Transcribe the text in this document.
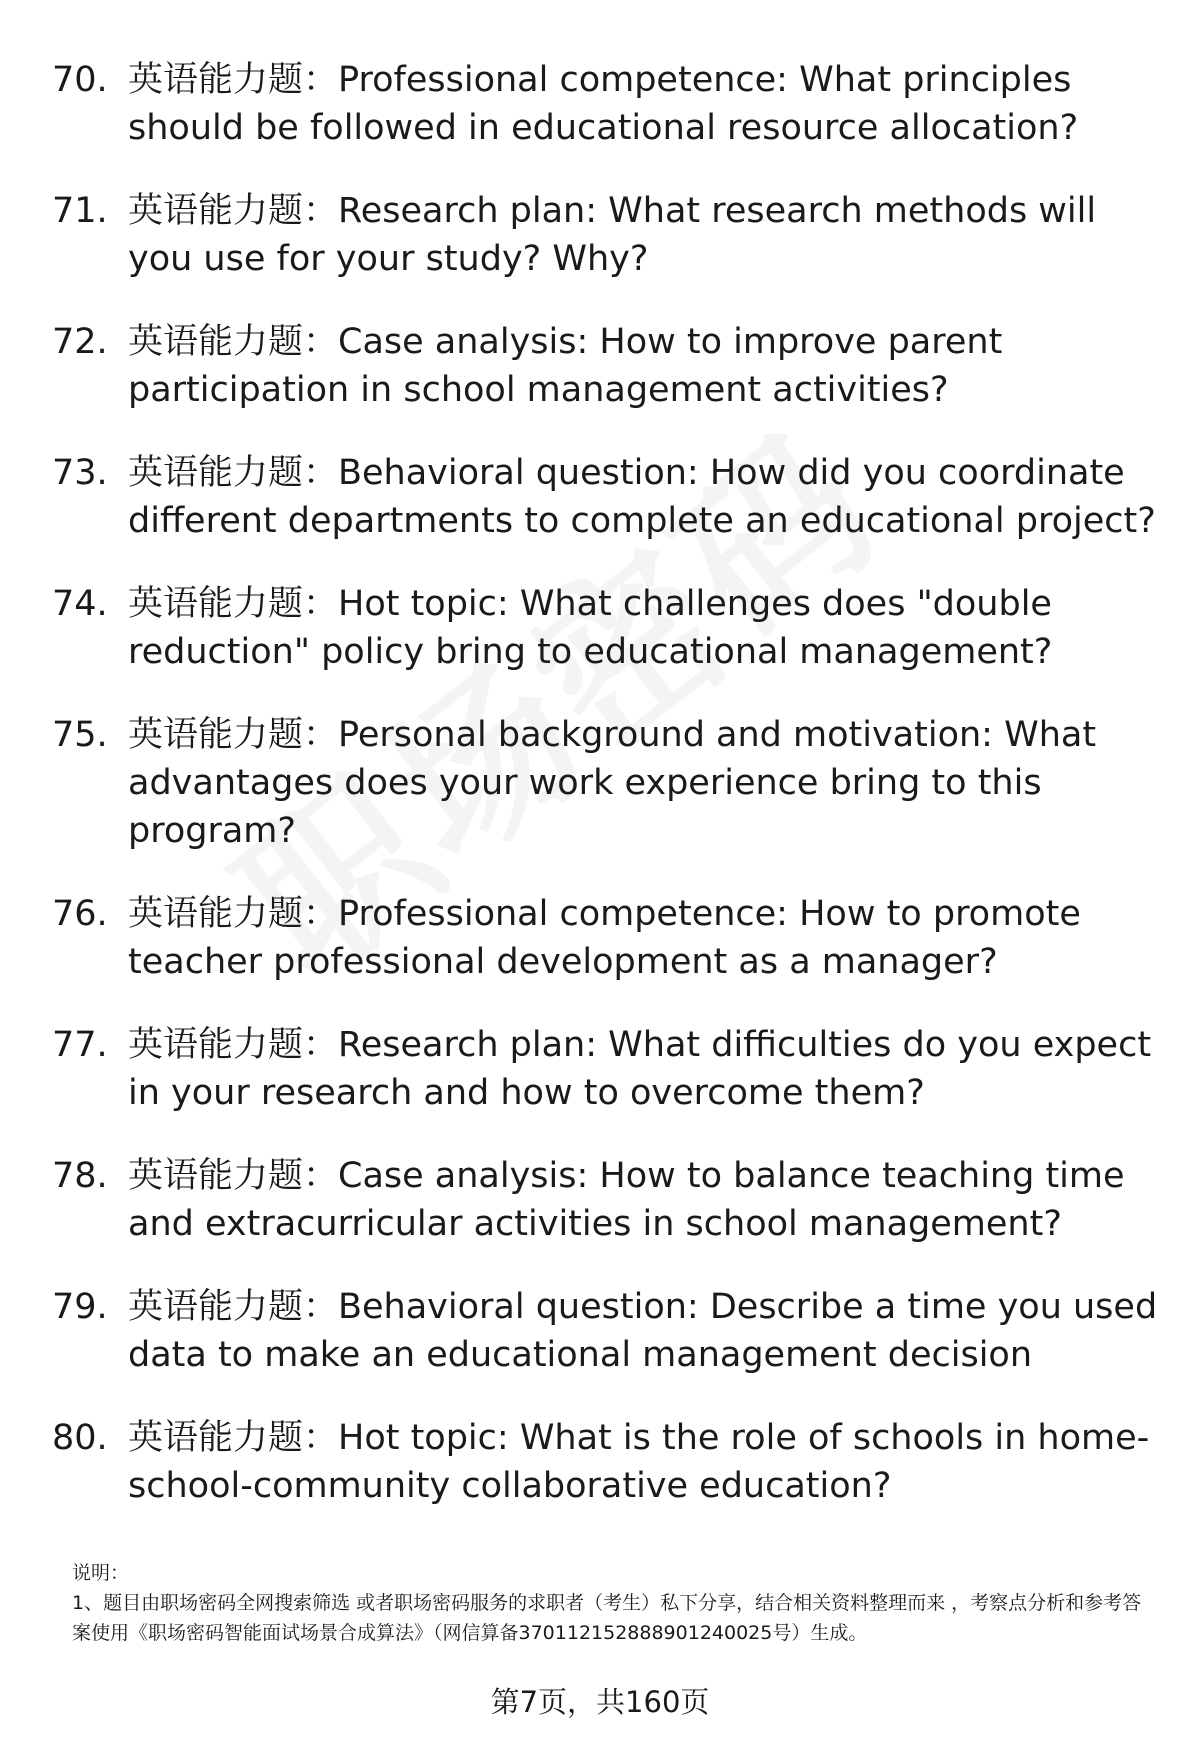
70. 英语能力题：Professional competence: What principles should be followed in educational resource allocation?
71. 英语能力题：Research plan: What research methods will you use for your study? Why?
72. 英语能力题：Case analysis: How to improve parent participation in school management activities?
73. 英语能力题：Behavioral question: How did you coordinate different departments to complete an educational project?
74. 英语能力题：Hot topic: What challenges does "double reduction" policy bring to educational management?
75. 英语能力题：Personal background and motivation: What advantages does your work experience bring to this program?
76. 英语能力题：Professional competence: How to promote teacher professional development as a manager?
77. 英语能力题：Research plan: What difficulties do you expect in your research and how to overcome them?
78. 英语能力题：Case analysis: How to balance teaching time and extracurricular activities in school management?
79. 英语能力题：Behavioral question: Describe a time you used data to make an educational management decision
80. 英语能力题：Hot topic: What is the role of schools in home-school-community collaborative education?
说明：
1、题目由职场密码全网搜索筛选 或者职场密码服务的求职者（考生）私下分享，结合相关资料整理而来 ，考察点分析和参考答案使用《职场密码智能面试场景合成算法》（网信算备370112152888901240025号）生成。
第7页，共160页
